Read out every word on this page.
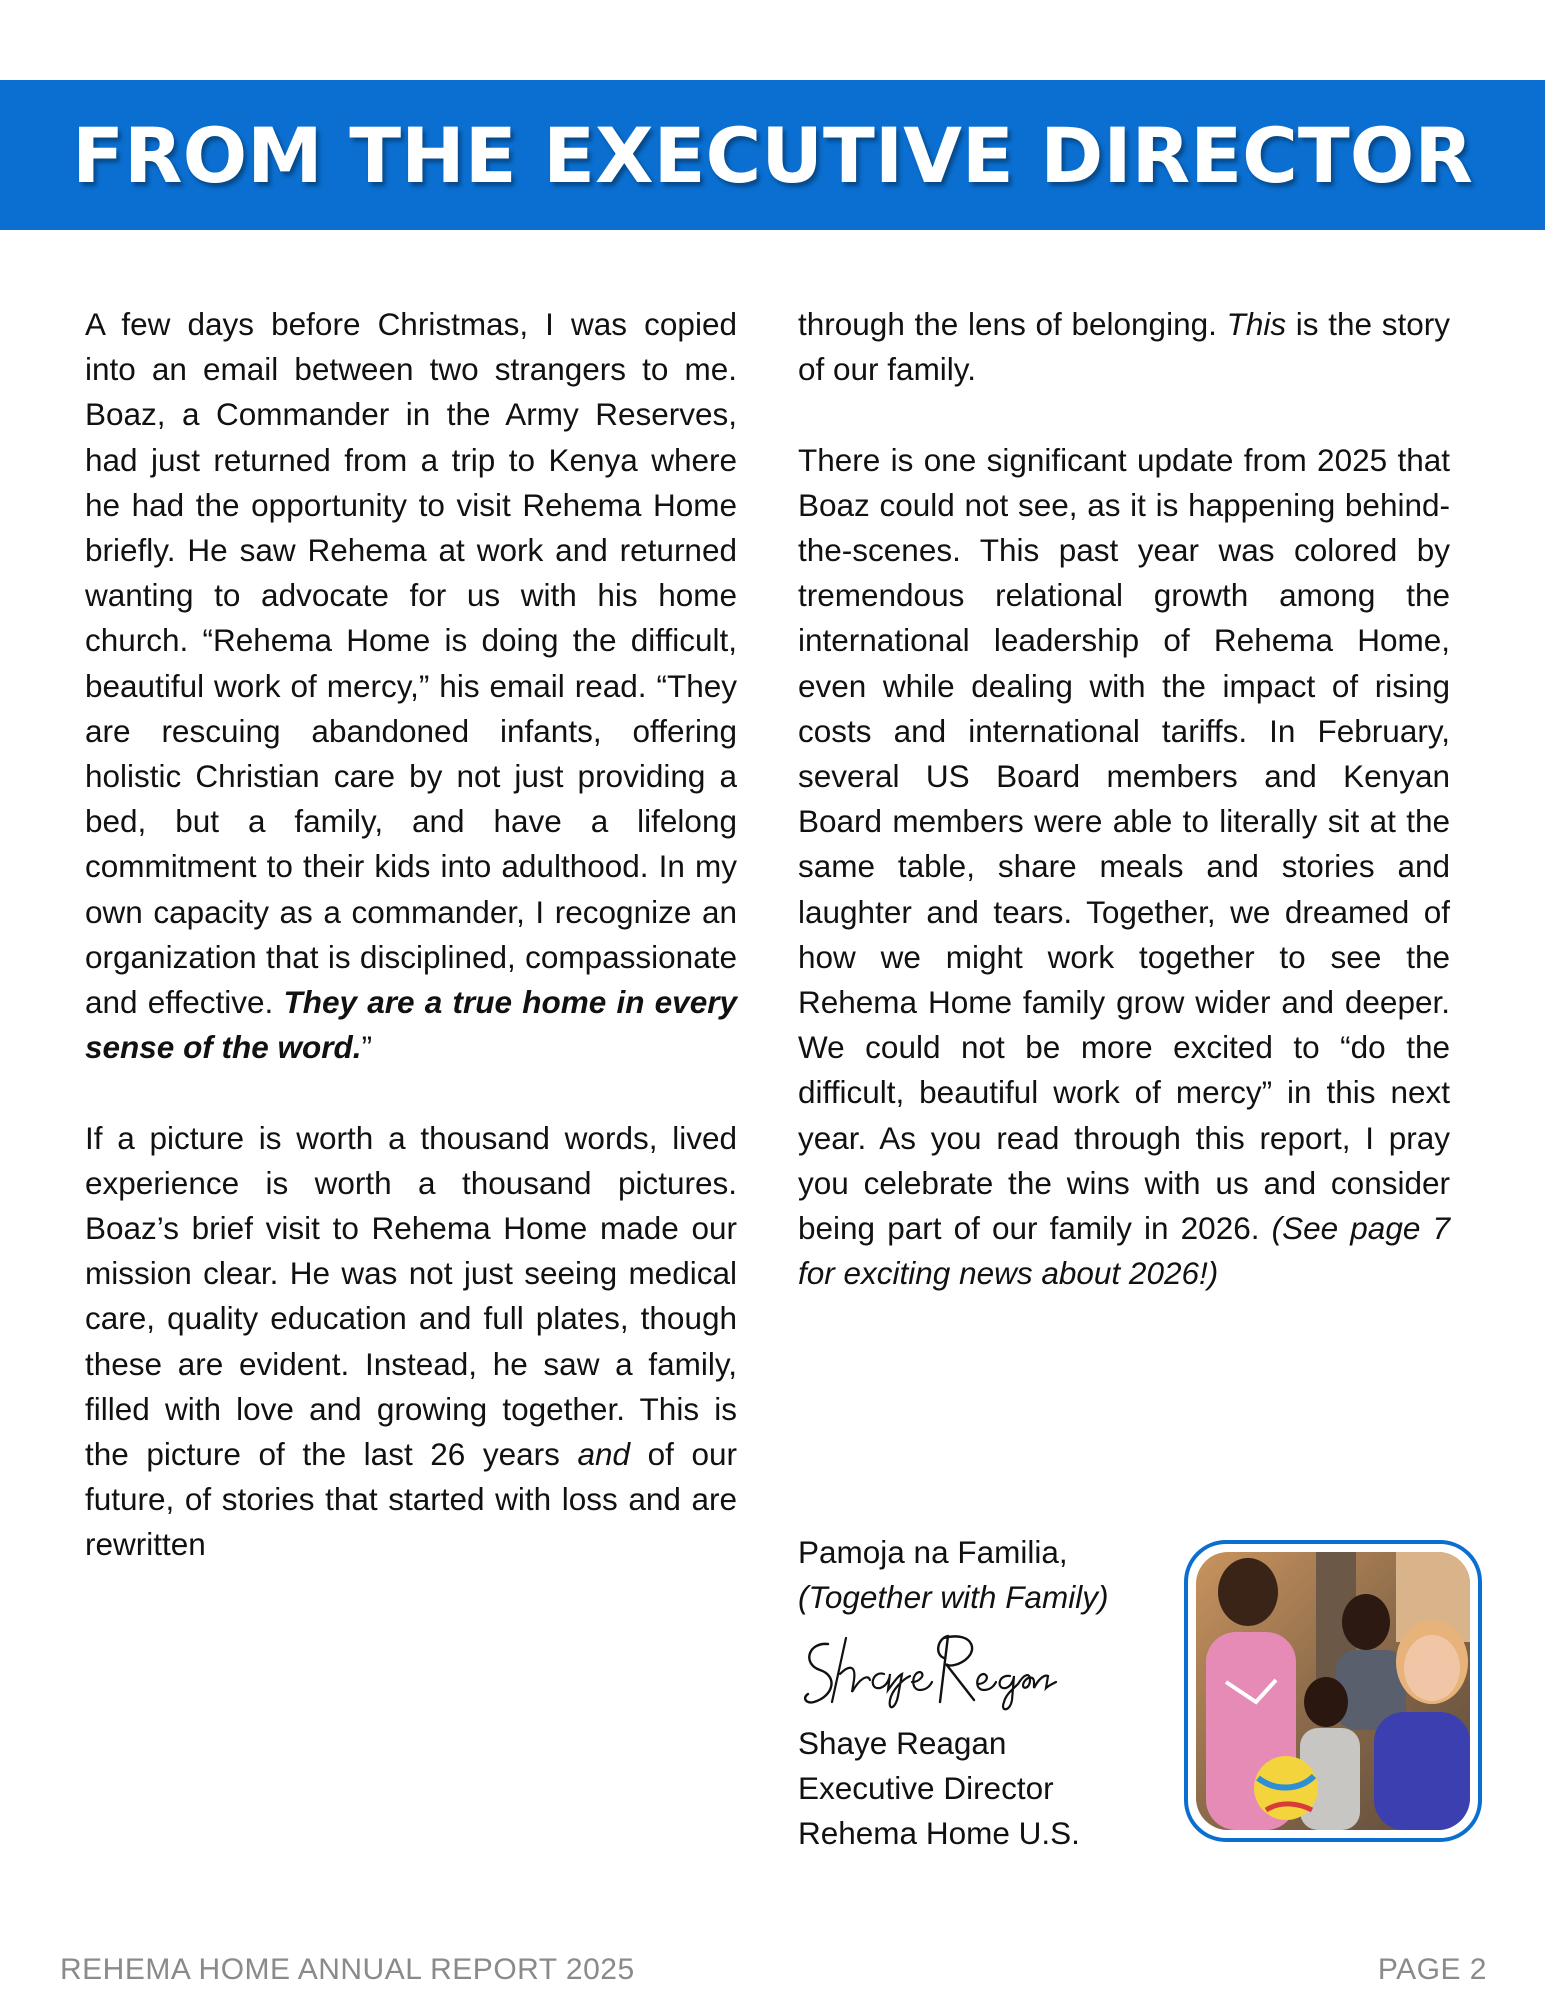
FROM THE EXECUTIVE DIRECTOR

A few days before Christmas, I was copied into an email between two strangers to me. Boaz, a Commander in the Army Reserves, had just returned from a trip to Kenya where he had the opportunity to visit Rehema Home briefly. He saw Rehema at work and returned wanting to advocate for us with his home church. “Rehema Home is doing the difficult, beautiful work of mercy,” his email read. “They are rescuing abandoned infants, offering holistic Christian care by not just providing a bed, but a family, and have a lifelong commitment to their kids into adulthood. In my own capacity as a commander, I recognize an organization that is disciplined, compassionate and effective. They are a true home in every sense of the word.”

If a picture is worth a thousand words, lived experience is worth a thousand pictures. Boaz’s brief visit to Rehema Home made our mission clear. He was not just seeing medical care, quality education and full plates, though these are evident. Instead, he saw a family, filled with love and growing together. This is the picture of the last 26 years and of our future, of stories that started with loss and are rewritten

through the lens of belonging. This is the story of our family.

There is one significant update from 2025 that Boaz could not see, as it is happening behind-the-scenes. This past year was colored by tremendous relational growth among the international leadership of Rehema Home, even while dealing with the impact of rising costs and international tariffs. In February, several US Board members and Kenyan Board members were able to literally sit at the same table, share meals and stories and laughter and tears. Together, we dreamed of how we might work together to see the Rehema Home family grow wider and deeper. We could not be more excited to “do the difficult, beautiful work of mercy” in this next year. As you read through this report, I pray you celebrate the wins with us and consider being part of our family in 2026. (See page 7 for exciting news about 2026!)

Pamoja na Familia,
(Together with Family)
Shaye Reagan
Executive Director
Rehema Home U.S.
REHEMA HOME ANNUAL REPORT 2025	PAGE 2
